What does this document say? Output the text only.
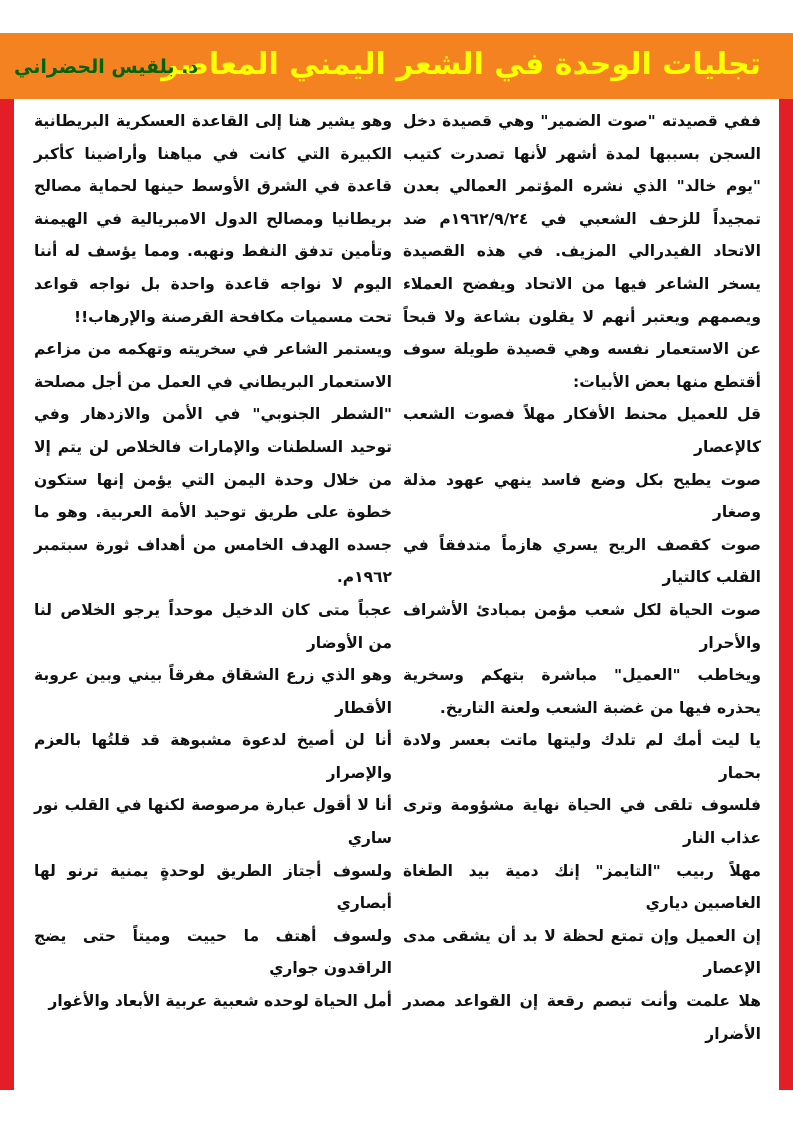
تجليات الوحدة في الشعر اليمني المعاصر
د. بلقيس الحضراني

ففي قصيدته "صوت الضمير" وهي قصيدة دخل السجن بسببها لمدة أشهر لأنها تصدرت كتيب "يوم خالد" الذي نشره المؤتمر العمالي بعدن تمجيداً للزحف الشعبي في ١٩٦٢/٩/٢٤م ضد الاتحاد الفيدرالي المزيف. في هذه القصيدة يسخر الشاعر فيها من الاتحاد ويفضح العملاء ويصمهم ويعتبر أنهم لا يقلون بشاعة ولا قبحاً عن الاستعمار نفسه وهي قصيدة طويلة سوف أقتطع منها بعض الأبيات:

قل للعميل محنط الأفكار مهلاً فصوت الشعب كالإعصار

صوت يطيح بكل وضع فاسد ينهي عهود مذلة وصغار

صوت كقصف الريح يسري هازماً متدفقاً في القلب كالتيار

صوت الحياة لكل شعب مؤمن بمبادئ الأشراف والأحرار

ويخاطب "العميل" مباشرة بتهكم وسخرية يحذره فيها من غضبة الشعب ولعنة التاريخ.

يا ليت أمك لم تلدك وليتها ماتت بعسر ولادة بحمار

فلسوف تلقى في الحياة نهاية مشؤومة وترى عذاب النار

مهلاً ربيب "التايمز" إنك دمية بيد الطغاة الغاصبين دياري

إن العميل وإن تمتع لحظة لا بد أن يشقى مدى الإعصار

هلا علمت وأنت تبصم رقعة إن القواعد مصدر الأضرار

وهو يشير هنا إلى القاعدة العسكرية البريطانية الكبيرة التي كانت في مياهنا وأراضينا كأكبر قاعدة في الشرق الأوسط حينها لحماية مصالح بريطانيا ومصالح الدول الامبريالية في الهيمنة وتأمين تدفق النفط ونهبه. ومما يؤسف له أننا اليوم لا نواجه قاعدة واحدة بل نواجه قواعد تحت مسميات مكافحة القرصنة والإرهاب!!

ويستمر الشاعر في سخريته وتهكمه من مزاعم الاستعمار البريطاني في العمل من أجل مصلحة "الشطر الجنوبي" في الأمن والازدهار وفي توحيد السلطنات والإمارات فالخلاص لن يتم إلا من خلال وحدة اليمن التي يؤمن إنها ستكون خطوة على طريق توحيد الأمة العربية. وهو ما جسده الهدف الخامس من أهداف ثورة سبتمبر ١٩٦٢م.

عجباً متى كان الدخيل موحداً يرجو الخلاص لنا من الأوضار

وهو الذي زرع الشقاق مفرقاً بيني وبين عروبة الأقطار

أنا لن أصيخ لدعوة مشبوهة قد قلتُها بالعزم والإصرار

أنا لا أقول عبارة مرصوصة لكنها في القلب نور ساري

ولسوف أجتاز الطريق لوحدةٍ يمنية ترنو لها أبصاري

ولسوف أهتف ما حييت وميتاً حتى يضج الراقدون جواري

أمل الحياة لوحده شعبية عربية الأبعاد والأغوار
